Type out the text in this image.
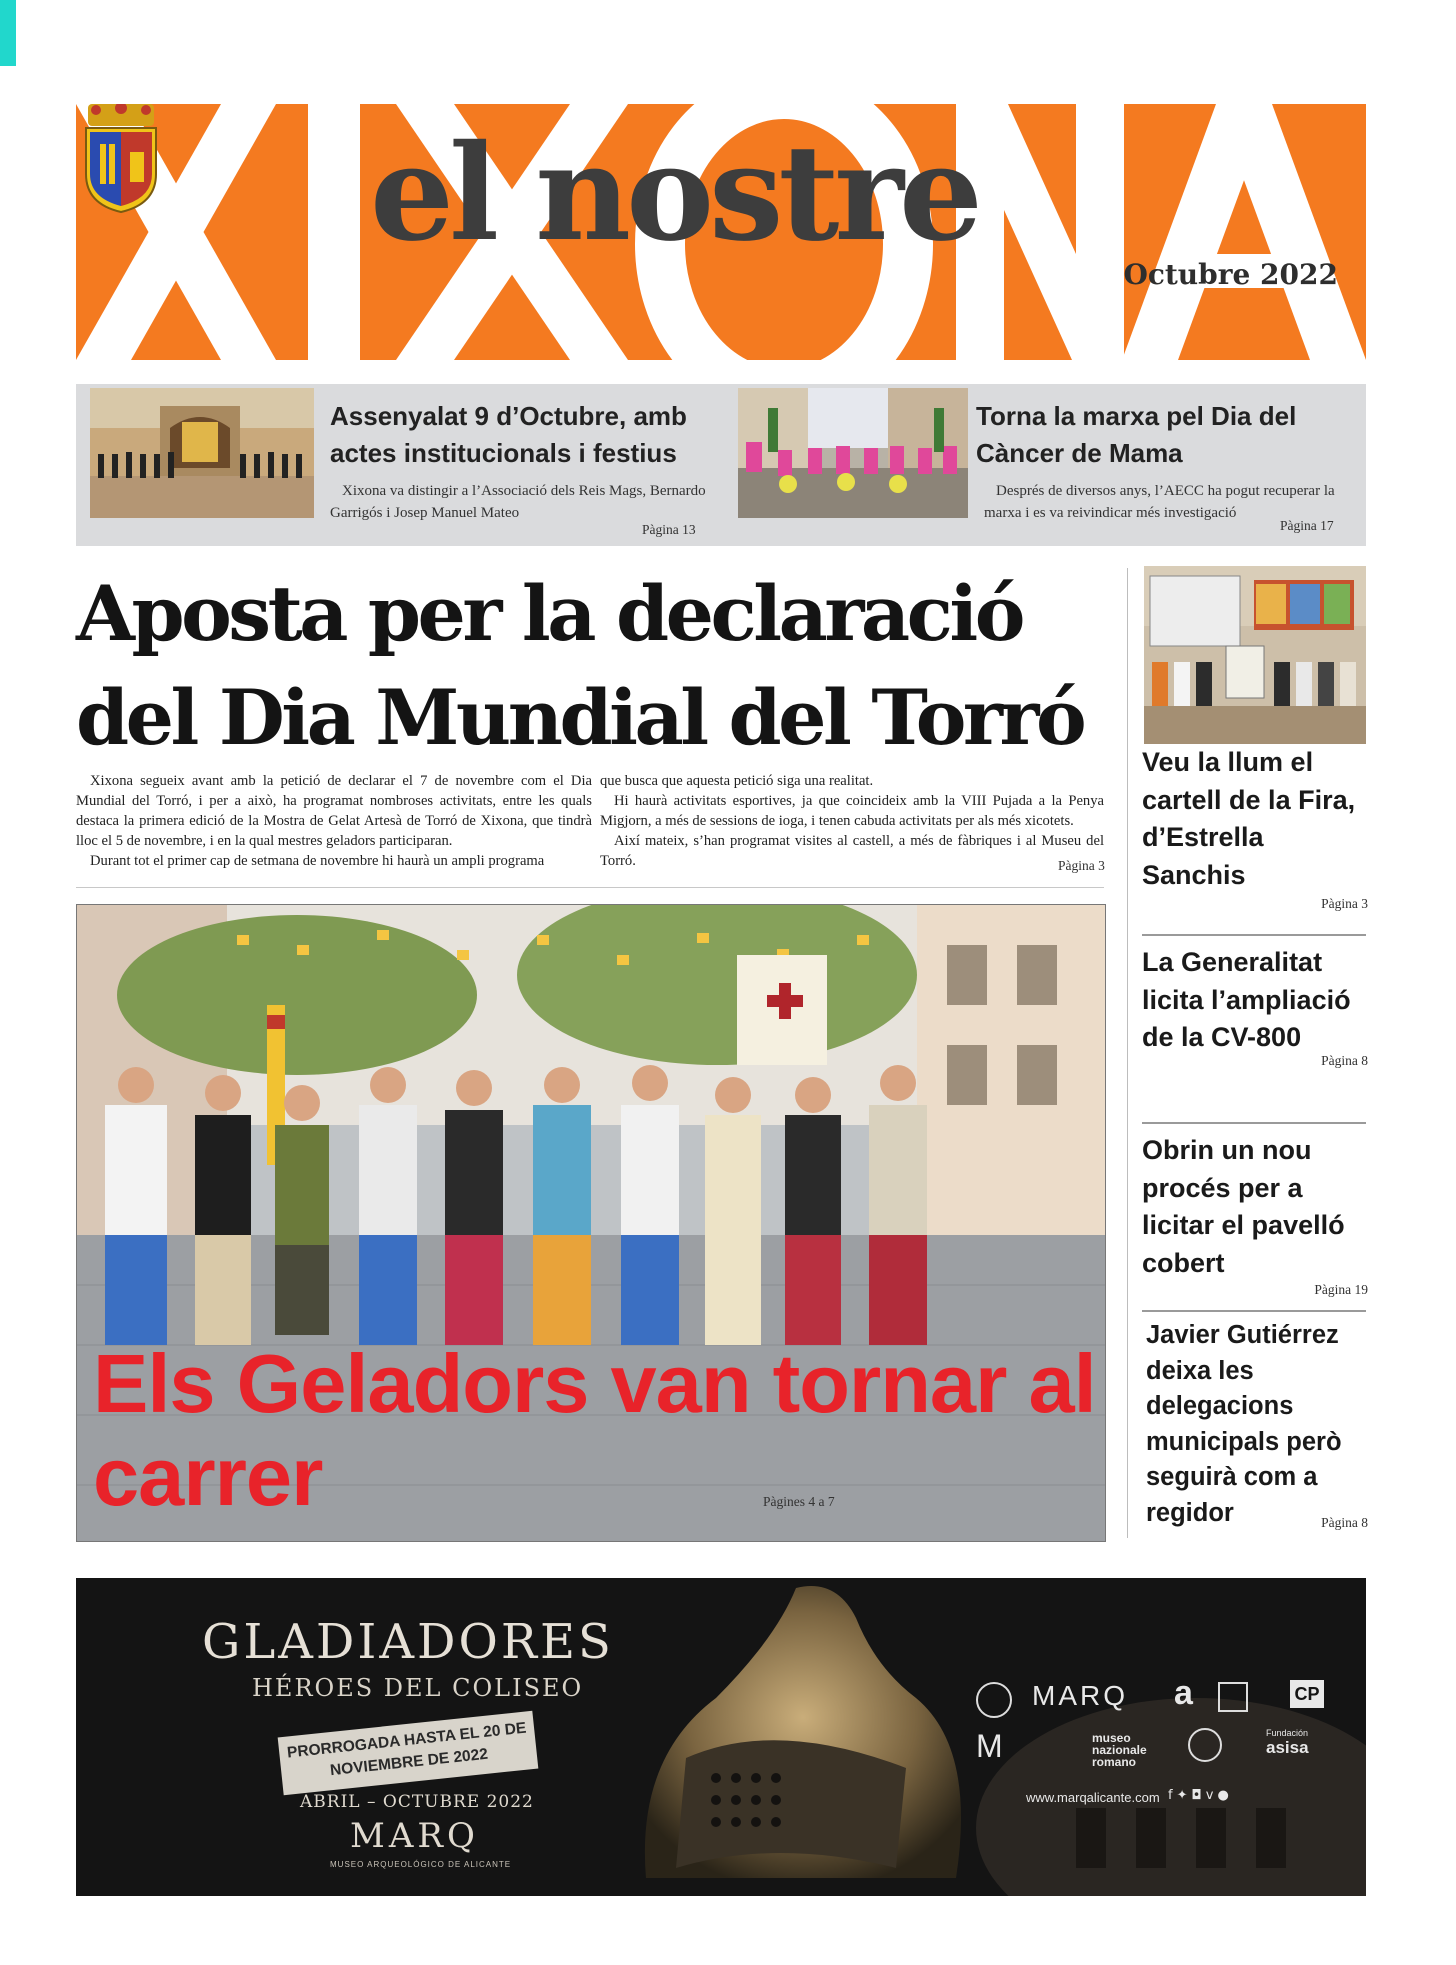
el nostre
Octubre 2022
Assenyalat 9 d’Octubre, amb actes institucionals i festius
Xixona va distingir a l’Associació dels Reis Mags, Bernardo Garrigós i Josep Manuel Mateo
Pàgina 13
Torna la marxa pel Dia del Càncer de Mama
Després de diversos anys, l’AECC ha pogut recuperar la marxa i es va reivindicar més investigació
Pàgina 17
Aposta per la declaració del Dia Mundial del Torró

Xixona segueix avant amb la petició de declarar el 7 de novembre com el Dia Mundial del Torró, i per a això, ha programat nombroses activitats, entre les quals destaca la primera edició de la Mostra de Gelat Artesà de Torró de Xixona, que tindrà lloc el 5 de novembre, i en la qual mestres geladors participaran.

Durant tot el primer cap de setmana de novembre hi haurà un ampli programa

que busca que aquesta petició siga una realitat.

Hi haurà activitats esportives, ja que coincideix amb la VIII Pujada a la Penya Migjorn, a més de sessions de ioga, i tenen cabuda activitats per als més xicotets.

Així mateix, s’han programat visites al castell, a més de fàbriques i al Museu del Torró.	Pàgina 3
Els Geladors van tornar al carrer	Pàgines 4 a 7
Veu la llum el cartell de la Fira, d’Estrella Sanchis
Pàgina 3
La Generalitat licita l’ampliació de la CV-800
Pàgina 8
Obrin un nou procés per a licitar el pavelló cobert
Pàgina 19
Javier Gutiérrez deixa les delegacions municipals però seguirà com a regidor	Pàgina 8
GLADIADORES
HÉROES DEL COLISEO
PRORROGADA HASTA EL 20 DE NOVIEMBRE DE 2022
ABRIL – OCTUBRE 2022
MARQ
MUSEO ARQUEOLÓGICO DE ALICANTE
MARQ a	CP
M	museo nazionale romano
Fundación
asisa
www.marqalicante.com f✦◘v●
